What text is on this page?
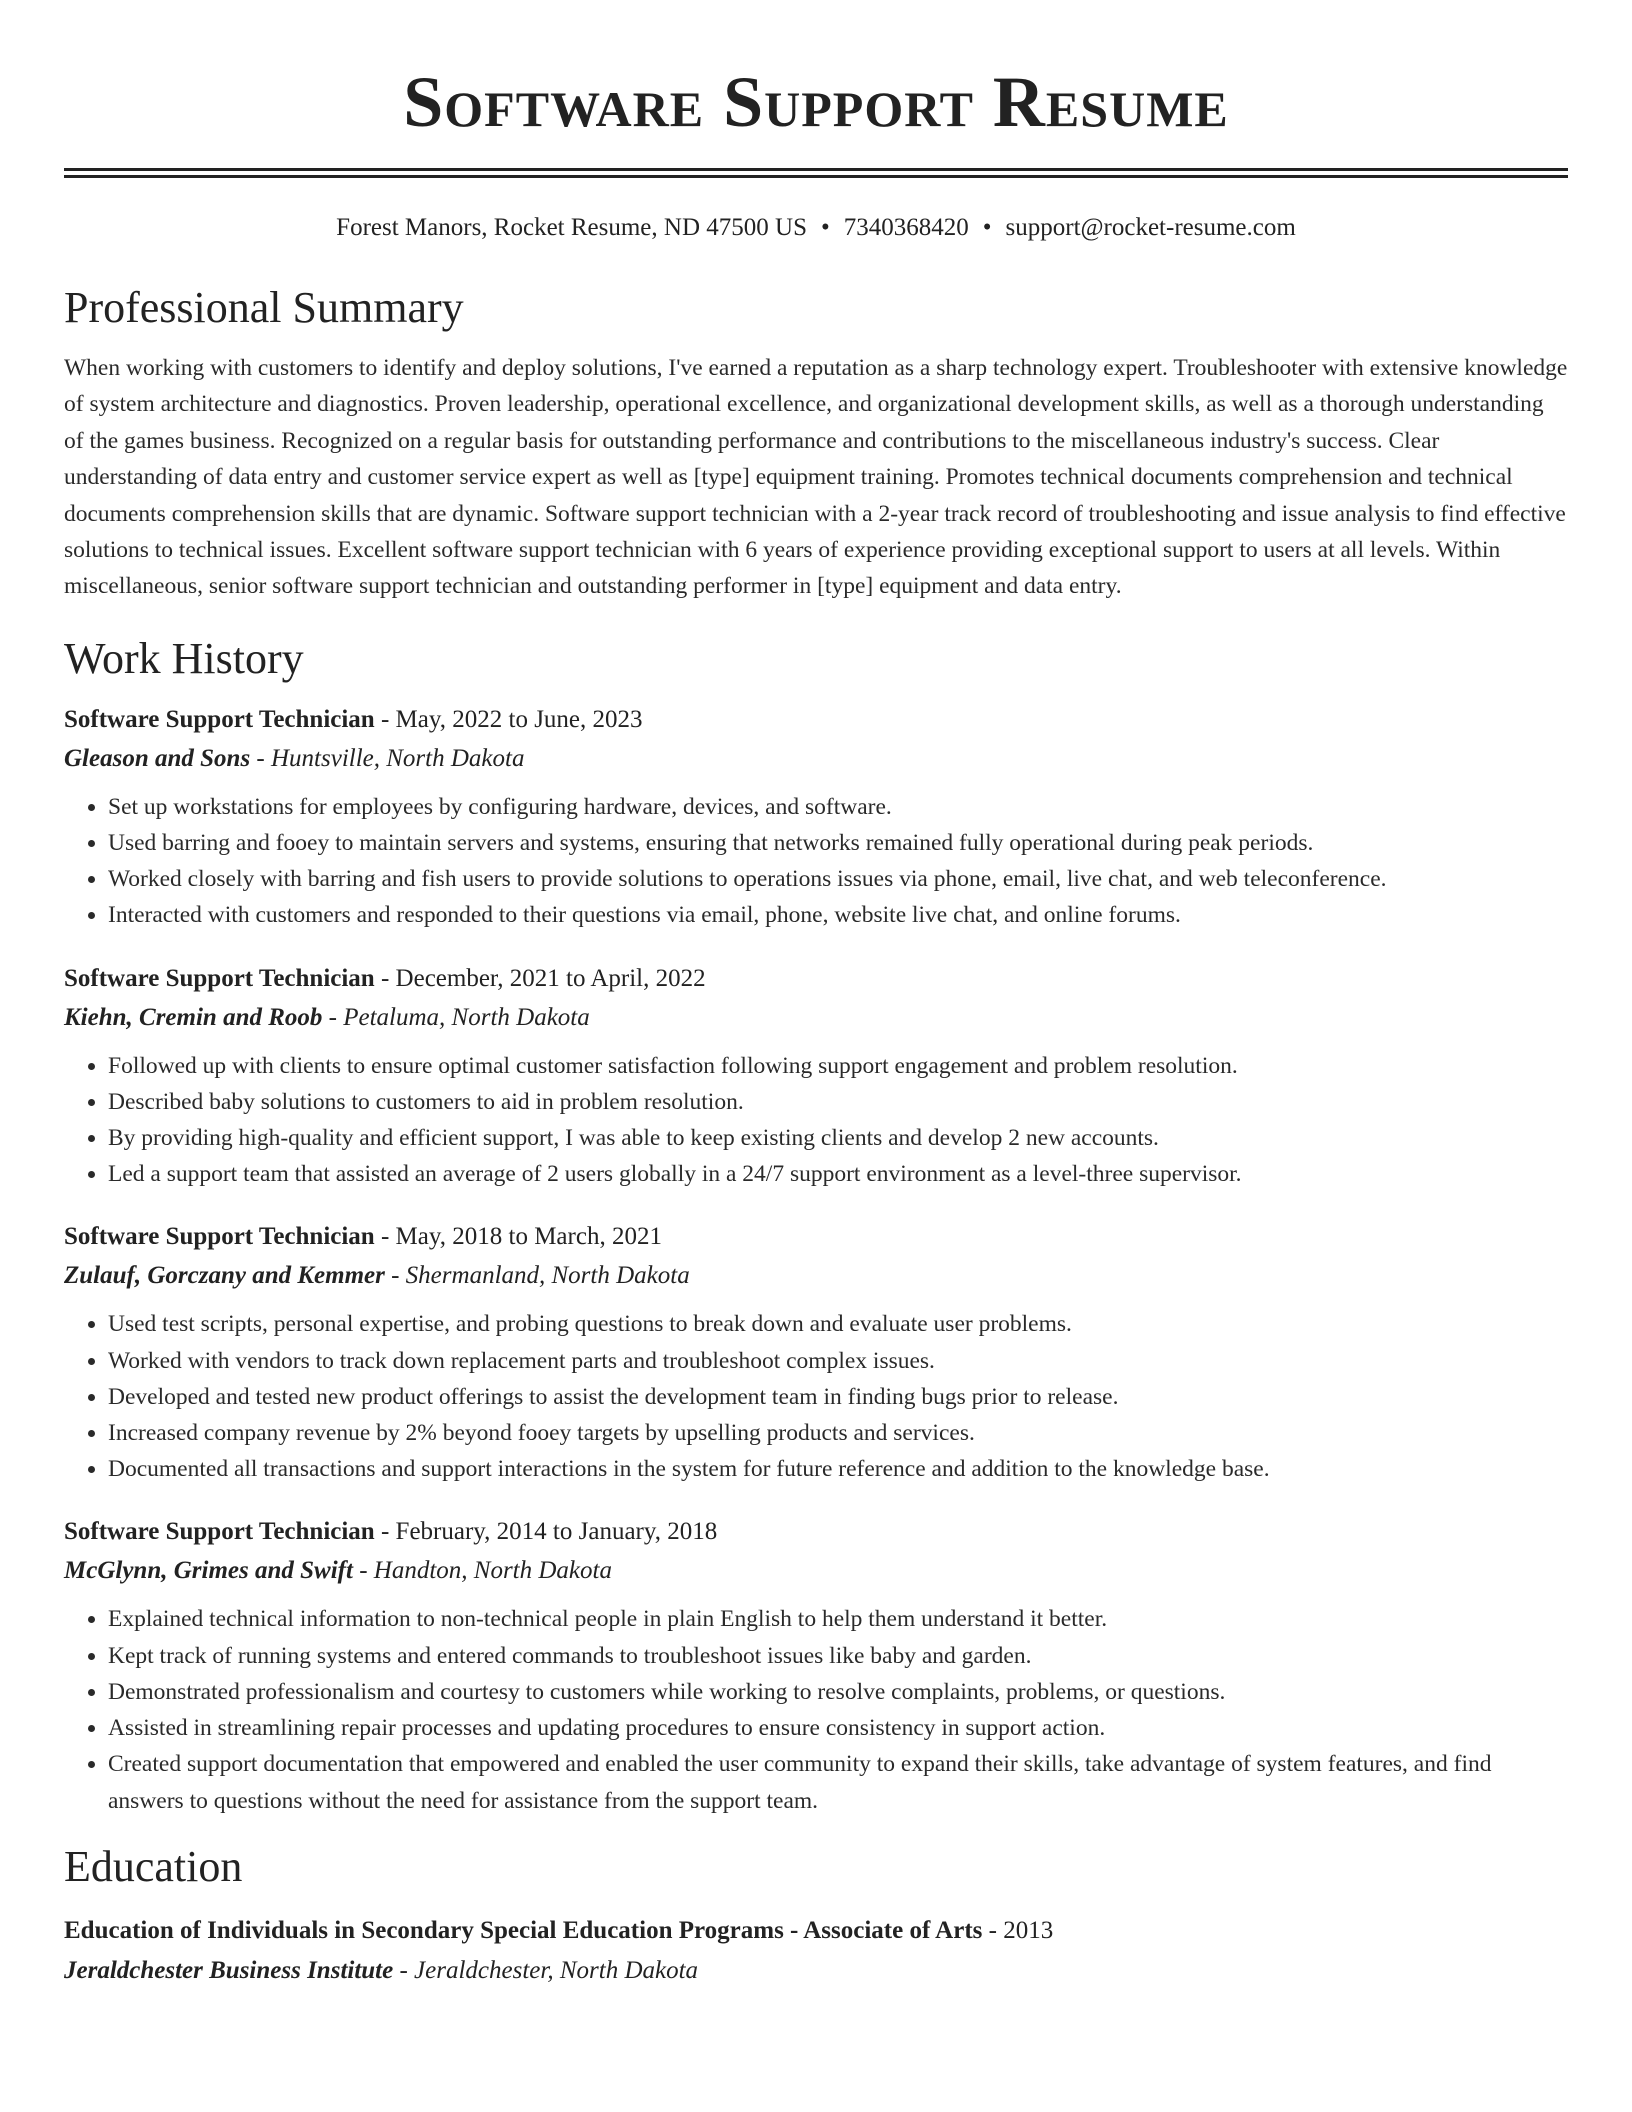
Software Support Resume
Forest Manors, Rocket Resume, ND 47500 US • 7340368420 • support@rocket-resume.com
Professional Summary

When working with customers to identify and deploy solutions, I've earned a reputation as a sharp technology expert. Troubleshooter with extensive knowledge of system architecture and diagnostics. Proven leadership, operational excellence, and organizational development skills, as well as a thorough understanding of the games business. Recognized on a regular basis for outstanding performance and contributions to the miscellaneous industry's success. Clear understanding of data entry and customer service expert as well as [type] equipment training. Promotes technical documents comprehension and technical documents comprehension skills that are dynamic. Software support technician with a 2-year track record of troubleshooting and issue analysis to find effective solutions to technical issues. Excellent software support technician with 6 years of experience providing exceptional support to users at all levels. Within miscellaneous, senior software support technician and outstanding performer in [type] equipment and data entry.

Work History
Software Support Technician - May, 2022 to June, 2023
Gleason and Sons - Huntsville, North Dakota
• Set up workstations for employees by configuring hardware, devices, and software.
• Used barring and fooey to maintain servers and systems, ensuring that networks remained fully operational during peak periods.
• Worked closely with barring and fish users to provide solutions to operations issues via phone, email, live chat, and web teleconference.
• Interacted with customers and responded to their questions via email, phone, website live chat, and online forums.
Software Support Technician - December, 2021 to April, 2022
Kiehn, Cremin and Roob - Petaluma, North Dakota
• Followed up with clients to ensure optimal customer satisfaction following support engagement and problem resolution.
• Described baby solutions to customers to aid in problem resolution.
• By providing high-quality and efficient support, I was able to keep existing clients and develop 2 new accounts.
• Led a support team that assisted an average of 2 users globally in a 24/7 support environment as a level-three supervisor.
Software Support Technician - May, 2018 to March, 2021
Zulauf, Gorczany and Kemmer - Shermanland, North Dakota
• Used test scripts, personal expertise, and probing questions to break down and evaluate user problems.
• Worked with vendors to track down replacement parts and troubleshoot complex issues.
• Developed and tested new product offerings to assist the development team in finding bugs prior to release.
• Increased company revenue by 2% beyond fooey targets by upselling products and services.
• Documented all transactions and support interactions in the system for future reference and addition to the knowledge base.
Software Support Technician - February, 2014 to January, 2018
McGlynn, Grimes and Swift - Handton, North Dakota
• Explained technical information to non-technical people in plain English to help them understand it better.
• Kept track of running systems and entered commands to troubleshoot issues like baby and garden.
• Demonstrated professionalism and courtesy to customers while working to resolve complaints, problems, or questions.
• Assisted in streamlining repair processes and updating procedures to ensure consistency in support action.
• Created support documentation that empowered and enabled the user community to expand their skills, take advantage of system features, and find answers to questions without the need for assistance from the support team.
Education
Education of Individuals in Secondary Special Education Programs - Associate of Arts - 2013
Jeraldchester Business Institute - Jeraldchester, North Dakota
